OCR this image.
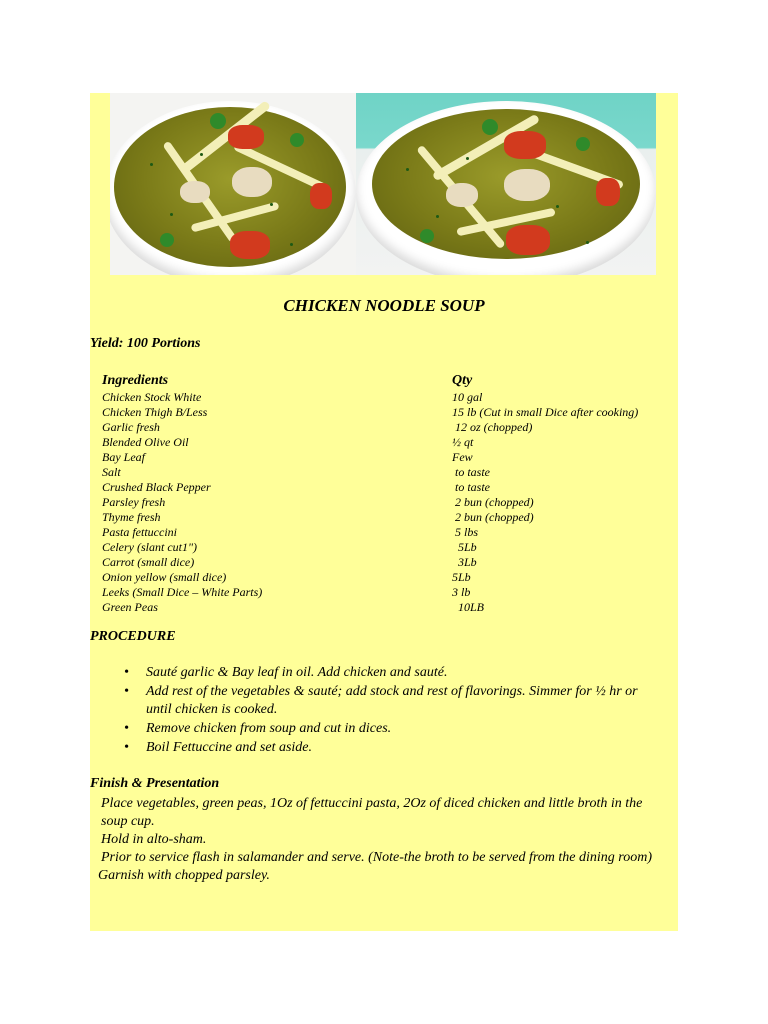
CHICKEN NOODLE SOUP
Yield: 100 Portions
Ingredients	Qty
Chicken Stock White	10 gal
Chicken Thigh B/Less	15 lb (Cut in small Dice after cooking)
Garlic fresh	12 oz (chopped)
Blended Olive Oil	½ qt
Bay Leaf	Few
Salt	to taste
Crushed Black Pepper	to taste
Parsley fresh	2 bun (chopped)
Thyme fresh	2 bun (chopped)
Pasta fettuccini	5 lbs
Celery (slant cut1")	5Lb
Carrot (small dice)	3Lb
Onion yellow (small dice)	5Lb
Leeks (Small Dice – White Parts)	3 lb
Green Peas	10LB
PROCEDURE
• Sauté garlic & Bay leaf in oil. Add chicken and sauté.
• Add rest of the vegetables & sauté; add stock and rest of flavorings. Simmer for ½ hr or until chicken is cooked.
• Remove chicken from soup and cut in dices.
• Boil Fettuccine and set aside.
Finish & Presentation

Place vegetables, green peas, 1Oz of fettuccini pasta, 2Oz of diced chicken and little broth in the soup cup.

Hold in alto-sham.

Prior to service flash in salamander and serve. (Note-the broth to be served from the dining room)

Garnish with chopped parsley.
